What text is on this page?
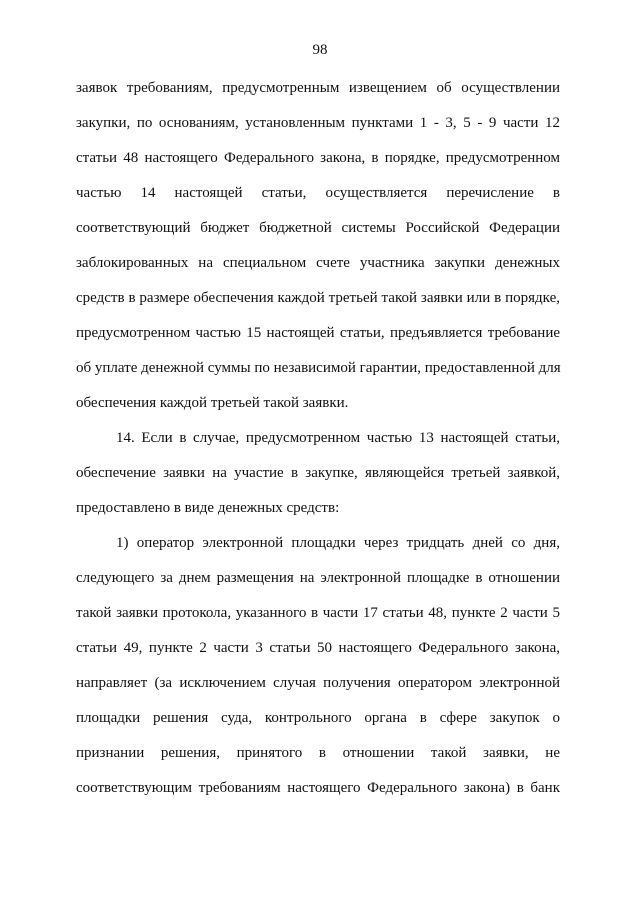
98
заявок требованиям, предусмотренным извещением об осуществлении
закупки, по основаниям, установленным пунктами 1 - 3, 5 - 9 части 12
статьи 48 настоящего Федерального закона, в порядке, предусмотренном
частью 14 настоящей статьи, осуществляется перечисление в
соответствующий бюджет бюджетной системы Российской Федерации
заблокированных на специальном счете участника закупки денежных
средств в размере обеспечения каждой третьей такой заявки или в порядке,
предусмотренном частью 15 настоящей статьи, предъявляется требование
об уплате денежной суммы по независимой гарантии, предоставленной для
обеспечения каждой третьей такой заявки.
14. Если в случае, предусмотренном частью 13 настоящей статьи,
обеспечение заявки на участие в закупке, являющейся третьей заявкой,
предоставлено в виде денежных средств:
1) оператор электронной площадки через тридцать дней со дня,
следующего за днем размещения на электронной площадке в отношении
такой заявки протокола, указанного в части 17 статьи 48, пункте 2 части 5
статьи 49, пункте 2 части 3 статьи 50 настоящего Федерального закона,
направляет (за исключением случая получения оператором электронной
площадки решения суда, контрольного органа в сфере закупок о
признании решения, принятого в отношении такой заявки, не
соответствующим требованиям настоящего Федерального закона) в банк
